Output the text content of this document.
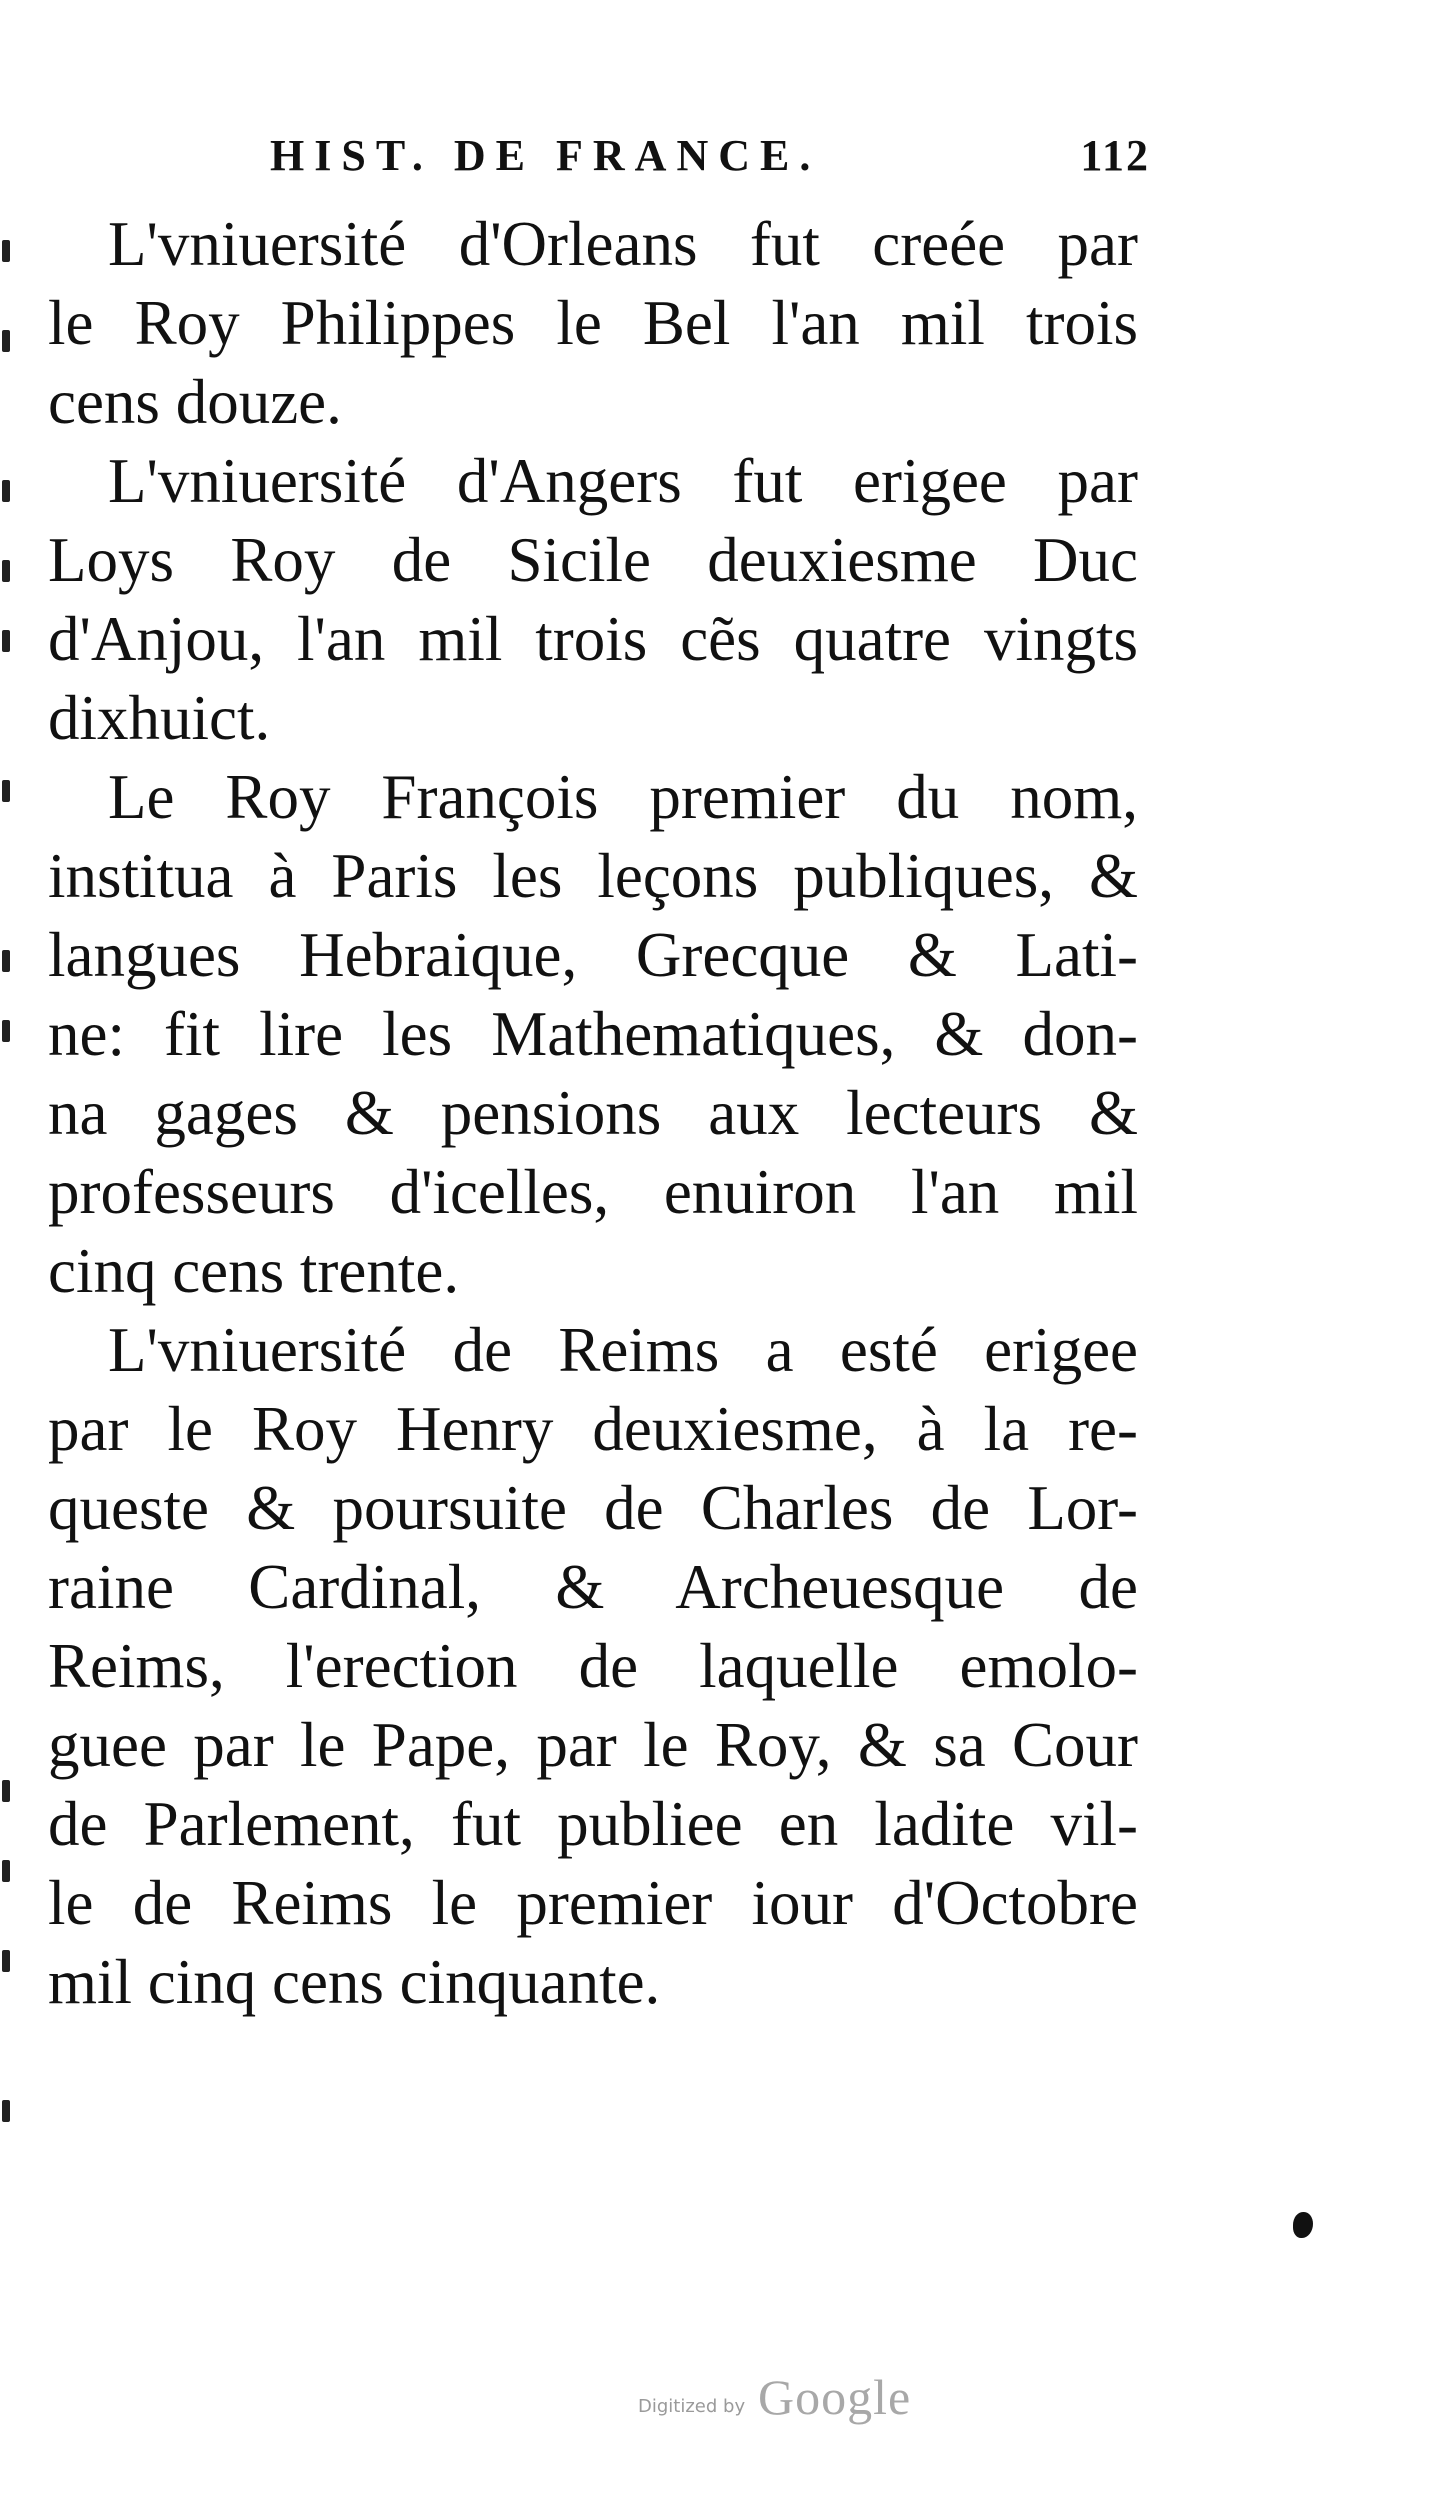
HIST. DE FRANCE.	112
L'vniuersité d'Orleans fut creée par
le Roy Philippes le Bel l'an mil trois
cens douze.
L'vniuersité d'Angers fut erigee par
Loys Roy de Sicile deuxiesme Duc
d'Anjou, l'an mil trois cẽs quatre vingts
dixhuict.
Le Roy François premier du nom,
institua à Paris les leçons publiques, &
langues Hebraique, Grecque & Lati-
ne: fit lire les Mathematiques, & don-
na gages & pensions aux lecteurs &
professeurs d'icelles, enuiron l'an mil
cinq cens trente.
L'vniuersité de Reims a esté erigee
par le Roy Henry deuxiesme, à la re-
queste & poursuite de Charles de Lor-
raine Cardinal, & Archeuesque de
Reims, l'erection de laquelle emolo-
guee par le Pape, par le Roy, & sa Cour
de Parlement, fut publiee en ladite vil-
le de Reims le premier iour d'Octobre
mil cinq cens cinquante.
Digitized by Google
